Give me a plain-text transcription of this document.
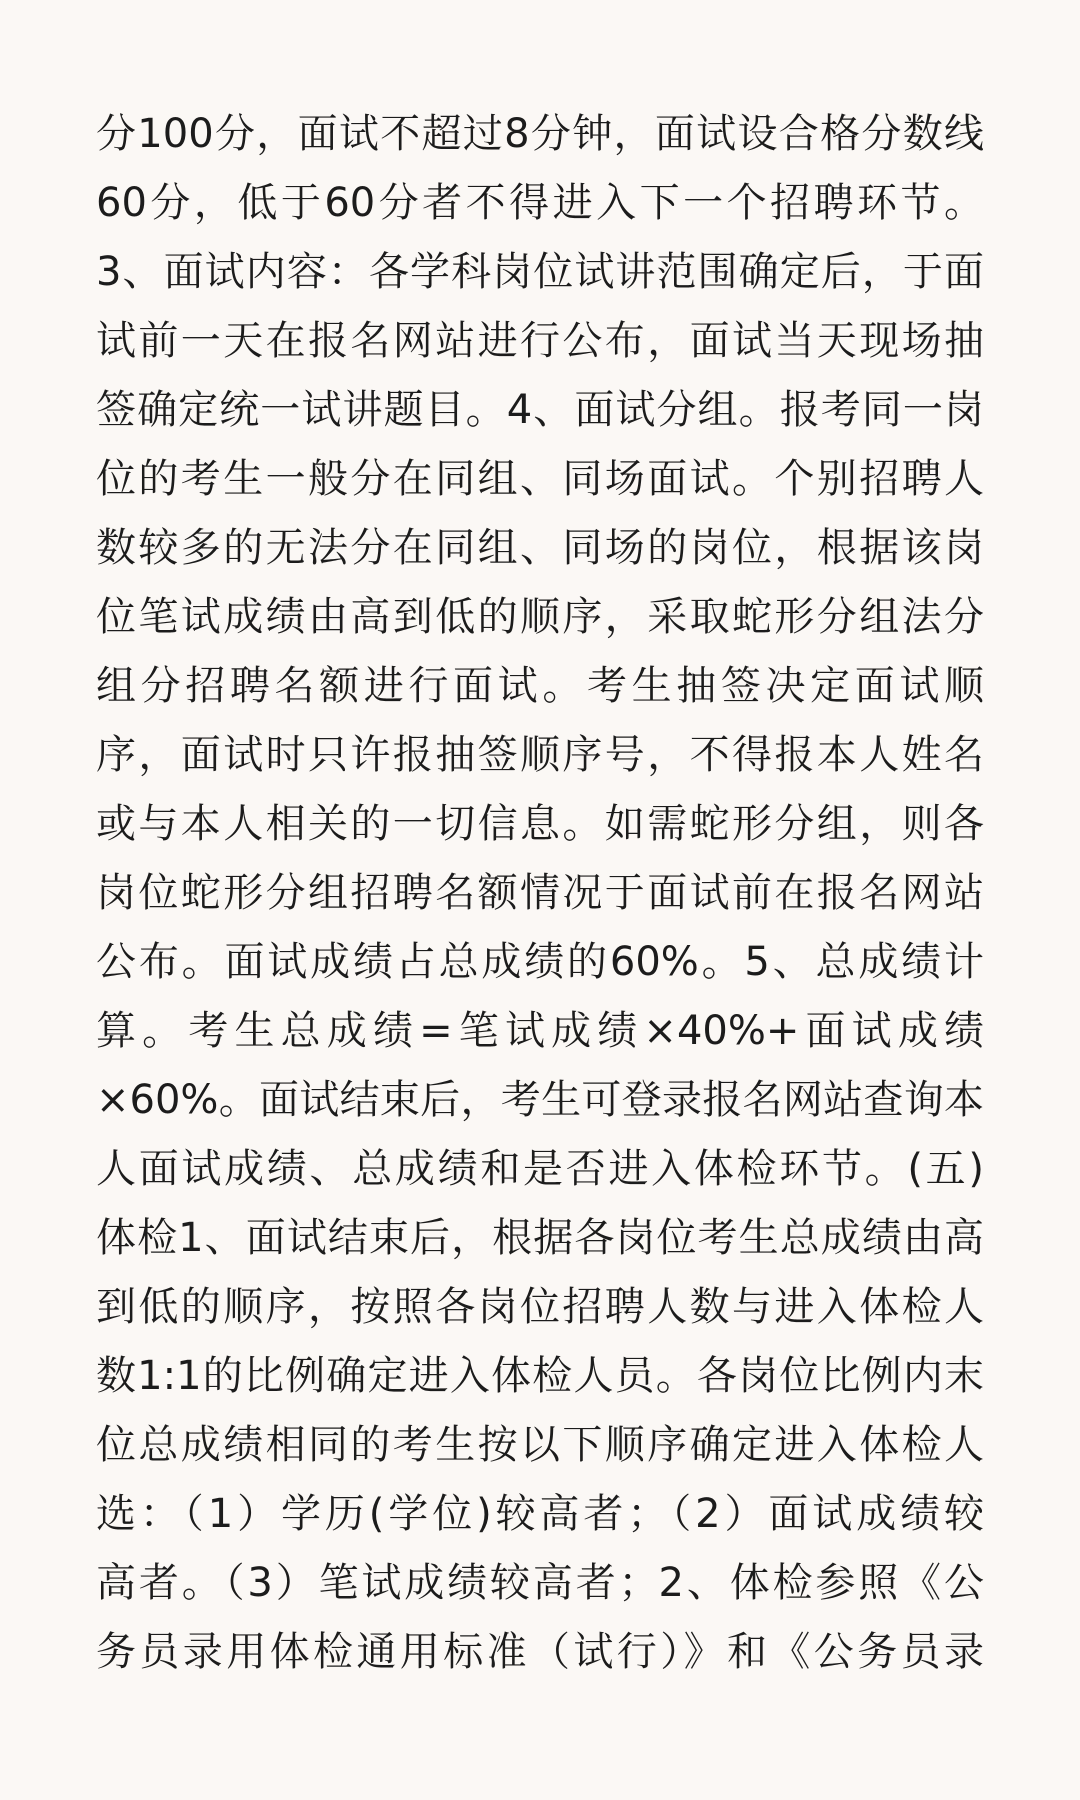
分100分，面试不超过8分钟，面试设合格分数线
60分，低于60分者不得进入下一个招聘环节。
3、面试内容：各学科岗位试讲范围确定后，于面
试前一天在报名网站进行公布，面试当天现场抽
签确定统一试讲题目。4、面试分组。报考同一岗
位的考生一般分在同组、同场面试。个别招聘人
数较多的无法分在同组、同场的岗位，根据该岗
位笔试成绩由高到低的顺序，采取蛇形分组法分
组分招聘名额进行面试。考生抽签决定面试顺
序，面试时只许报抽签顺序号，不得报本人姓名
或与本人相关的一切信息。如需蛇形分组，则各
岗位蛇形分组招聘名额情况于面试前在报名网站
公布。面试成绩占总成绩的60%。5、总成绩计
算。考生总成绩=笔试成绩×40%+面试成绩
×60%。面试结束后，考生可登录报名网站查询本
人面试成绩、总成绩和是否进入体检环节。(五)
体检1、面试结束后，根据各岗位考生总成绩由高
到低的顺序，按照各岗位招聘人数与进入体检人
数1:1的比例确定进入体检人员。各岗位比例内末
位总成绩相同的考生按以下顺序确定进入体检人
选：（1）学历(学位)较高者；（2）面试成绩较
高者。（3）笔试成绩较高者；2、体检参照《公
务员录用体检通用标准（试行）》和《公务员录
